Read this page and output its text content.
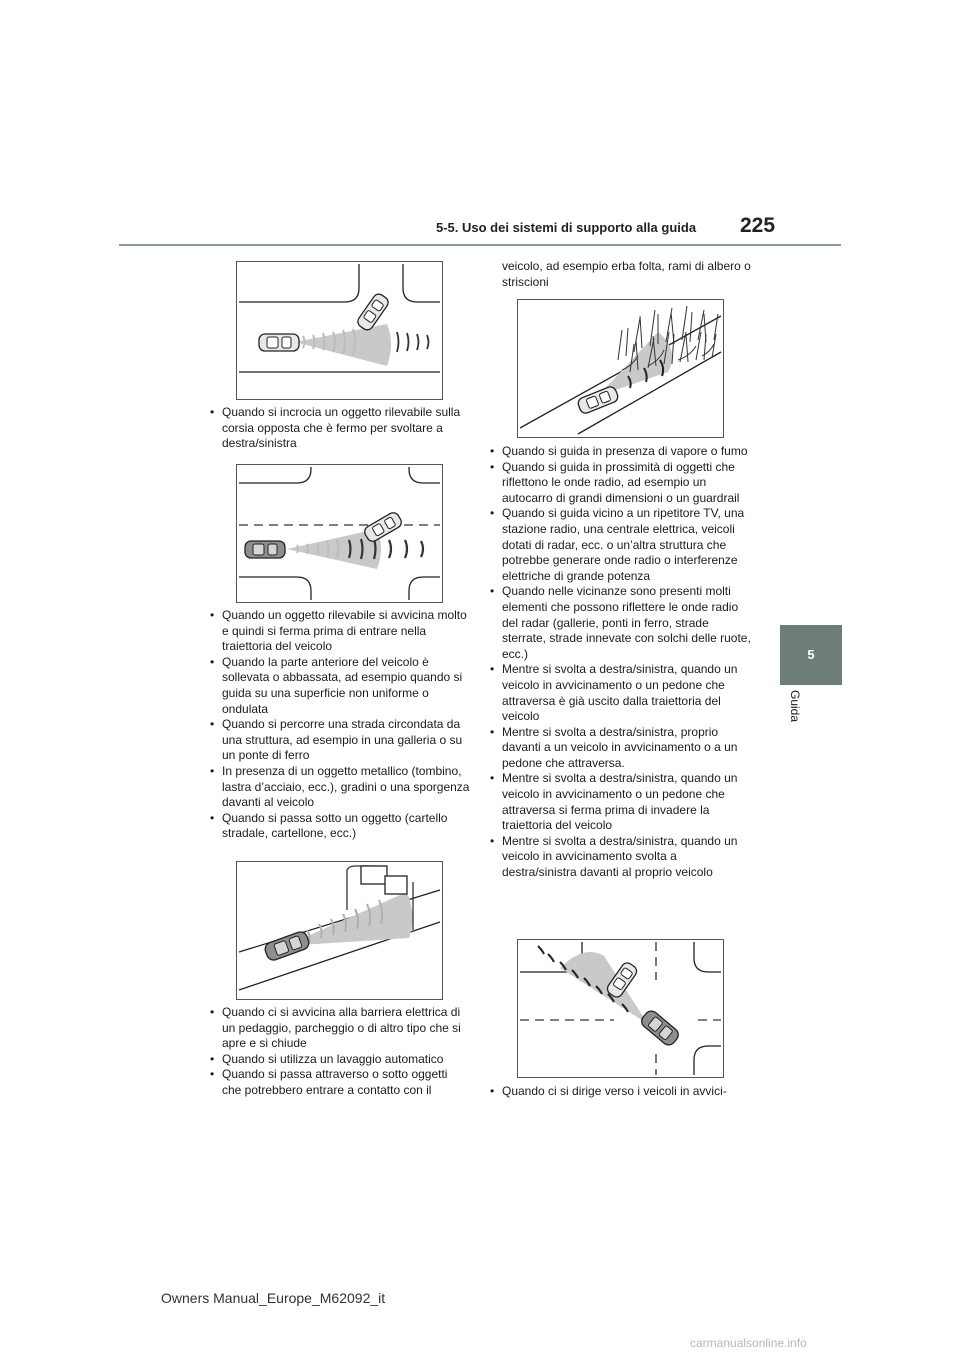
5-5. Uso dei sistemi di supporto alla guida 225
5
Guida
• Quando si incrocia un oggetto rilevabile sulla corsia opposta che è fermo per svoltare a destra/sinistra
• Quando un oggetto rilevabile si avvicina molto e quindi si ferma prima di entrare nella traiettoria del veicolo
• Quando la parte anteriore del veicolo è sollevata o abbassata, ad esempio quando si guida su una superficie non uniforme o ondulata
• Quando si percorre una strada circondata da una struttura, ad esempio in una galleria o su un ponte di ferro
• In presenza di un oggetto metallico (tombino, lastra d’acciaio, ecc.), gradini o una sporgenza davanti al veicolo
• Quando si passa sotto un oggetto (cartello stradale, cartellone, ecc.)
• Quando ci si avvicina alla barriera elettrica di un pedaggio, parcheggio o di altro tipo che si apre e si chiude
• Quando si utilizza un lavaggio automatico
• Quando si passa attraverso o sotto oggetti che potrebbero entrare a contatto con il
veicolo, ad esempio erba folta, rami di albero o striscioni
• Quando si guida in presenza di vapore o fumo
• Quando si guida in prossimità di oggetti che riflettono le onde radio, ad esempio un autocarro di grandi dimensioni o un guardrail
• Quando si guida vicino a un ripetitore TV, una stazione radio, una centrale elettrica, veicoli dotati di radar, ecc. o un’altra struttura che potrebbe generare onde radio o interferenze elettriche di grande potenza
• Quando nelle vicinanze sono presenti molti elementi che possono riflettere le onde radio del radar (gallerie, ponti in ferro, strade sterrate, strade innevate con solchi delle ruote, ecc.)
• Mentre si svolta a destra/sinistra, quando un veicolo in avvicinamento o un pedone che attraversa è già uscito dalla traiettoria del veicolo
• Mentre si svolta a destra/sinistra, proprio davanti a un veicolo in avvicinamento o a un pedone che attraversa.
• Mentre si svolta a destra/sinistra, quando un veicolo in avvicinamento o un pedone che attraversa si ferma prima di invadere la traiettoria del veicolo
• Mentre si svolta a destra/sinistra, quando un veicolo in avvicinamento svolta a destra/sinistra davanti al proprio veicolo
• Quando ci si dirige verso i veicoli in avvici-
Owners Manual_Europe_M62092_it
carmanualsonline.info
